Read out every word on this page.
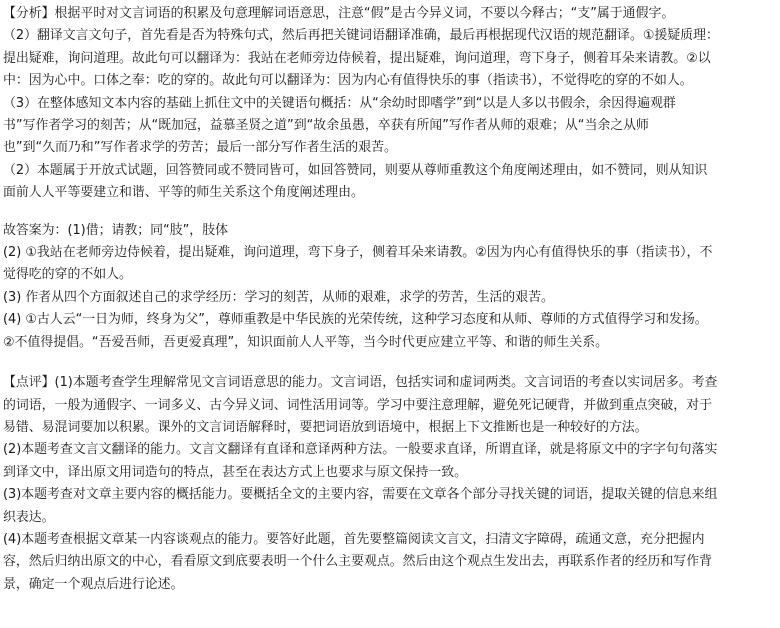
【分析】根据平时对文言词语的积累及句意理解词语意思，注意“假”是古今异义词，不要以今释古；“支”属于通假字。
（2）翻译文言文句子，首先看是否为特殊句式，然后再把关键词语翻译准确，最后再根据现代汉语的规范翻译。①援疑质理：
提出疑难，询问道理。故此句可以翻译为：我站在老师旁边侍候着，提出疑难，询问道理，弯下身子，侧着耳朵来请教。②以
中：因为心中。口体之奉：吃的穿的。故此句可以翻译为：因为内心有值得快乐的事（指读书），不觉得吃的穿的不如人。
（3）在整体感知文本内容的基础上抓住文中的关键语句概括：从“余幼时即嗜学”到“以是人多以书假余，余因得遍观群
书”写作者学习的刻苦；从“既加冠，益慕圣贤之道”到“故余虽愚，卒获有所闻”写作者从师的艰难；从“当余之从师
也”到“久而乃和”写作者求学的劳苦；最后一部分写作者生活的艰苦。
（2）本题属于开放式试题，回答赞同或不赞同皆可，如回答赞同，则要从尊师重教这个角度阐述理由，如不赞同，则从知识
面前人人平等要建立和谐、平等的师生关系这个角度阐述理由。
故答案为：(1)借；请教；同“肢”，肢体
(2) ①我站在老师旁边侍候着，提出疑难，询问道理，弯下身子，侧着耳朵来请教。②因为内心有值得快乐的事（指读书），不
觉得吃的穿的不如人。
(3) 作者从四个方面叙述自己的求学经历：学习的刻苦，从师的艰难，求学的劳苦，生活的艰苦。
(4) ①古人云“一日为师，终身为父”，尊师重教是中华民族的光荣传统，这种学习态度和从师、尊师的方式值得学习和发扬。
②不值得提倡。“吾爱吾师，吾更爱真理”，知识面前人人平等，当今时代更应建立平等、和谐的师生关系。
【点评】(1)本题考查学生理解常见文言词语意思的能力。文言词语，包括实词和虚词两类。文言词语的考查以实词居多。考查
的词语，一般为通假字、一词多义、古今异义词、词性活用词等。学习中要注意理解，避免死记硬背，并做到重点突破，对于
易错、易混词要加以积累。课外的文言词语解释时，要把词语放到语境中，根据上下文推断也是一种较好的方法。
(2)本题考查文言文翻译的能力。文言文翻译有直译和意译两种方法。一般要求直译，所谓直译，就是将原文中的字字句句落实
到译文中，译出原文用词造句的特点，甚至在表达方式上也要求与原文保持一致。
(3)本题考查对文章主要内容的概括能力。要概括全文的主要内容，需要在文章各个部分寻找关键的词语，提取关键的信息来组
织表达。
(4)本题考查根据文章某一内容谈观点的能力。要答好此题，首先要整篇阅读文言文，扫清文字障碍，疏通文意，充分把握内
容，然后归纳出原文的中心，看看原文到底要表明一个什么主要观点。然后由这个观点生发出去，再联系作者的经历和写作背
景，确定一个观点后进行论述。
